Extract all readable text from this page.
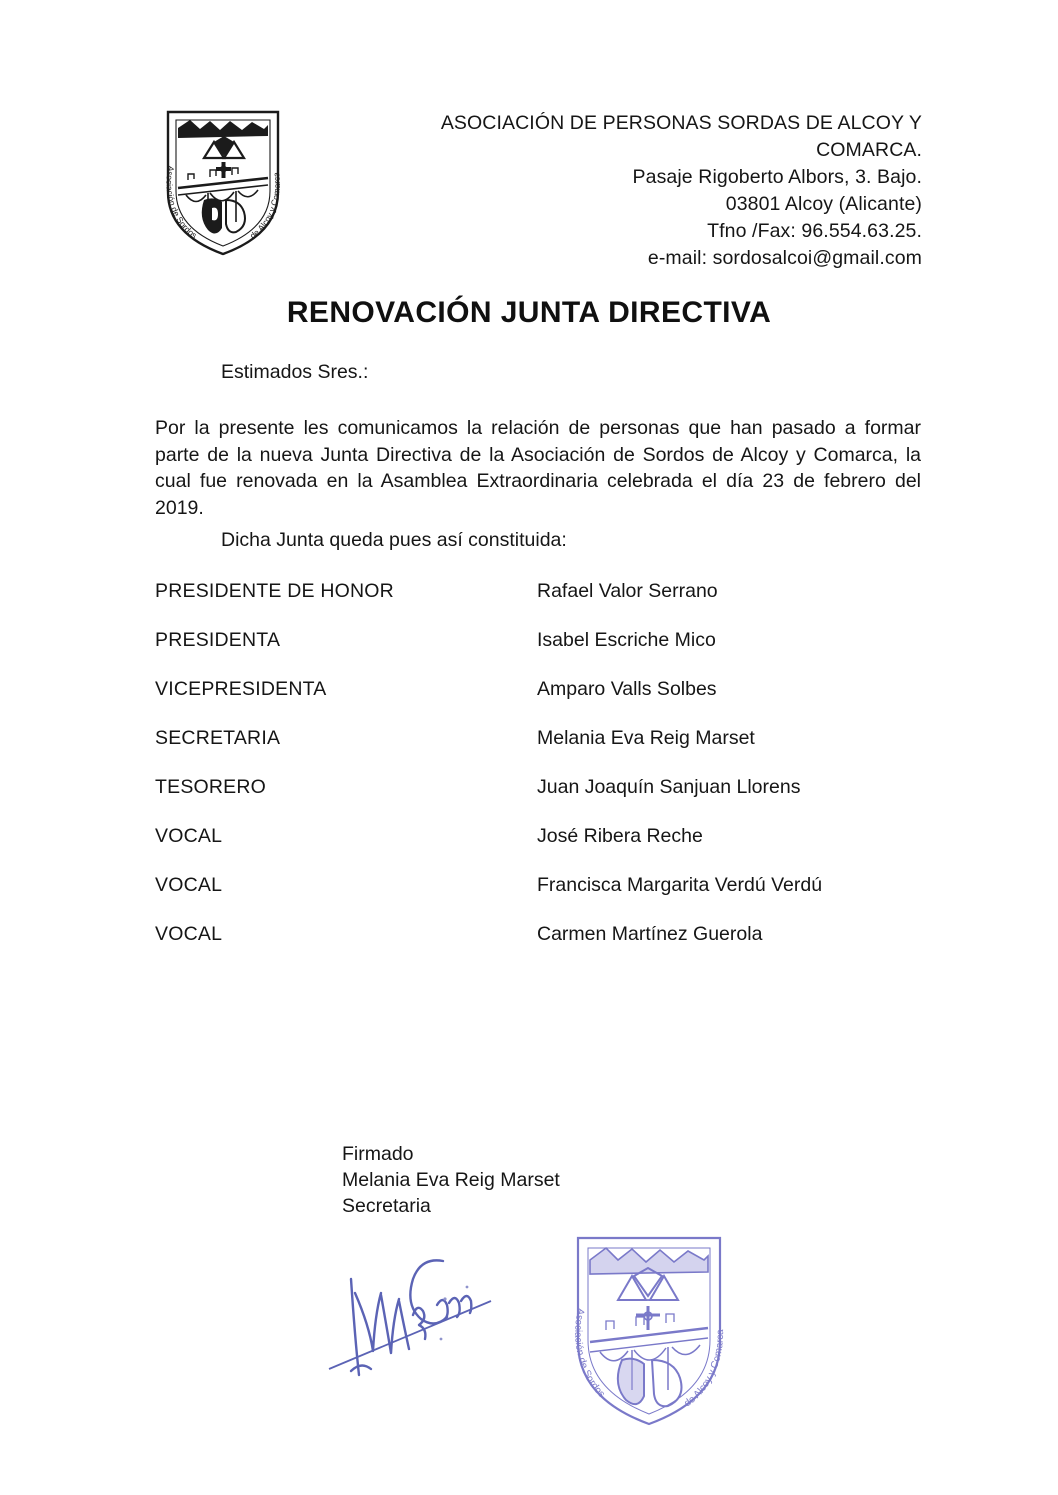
Asociación de Sordos	de Alcoy y Comarca
ASOCIACIÓN DE PERSONAS SORDAS DE ALCOY Y COMARCA.
Pasaje Rigoberto Albors, 3. Bajo.
03801 Alcoy (Alicante)
Tfno /Fax: 96.554.63.25.
e-mail: sordosalcoi@gmail.com
RENOVACIÓN JUNTA DIRECTIVA
Estimados Sres.:
Por la presente les comunicamos la relación de personas que han pasado a formar parte de la nueva Junta Directiva de la Asociación de Sordos de Alcoy y Comarca, la cual fue renovada en la Asamblea Extraordinaria celebrada el día 23 de febrero del 2019.
Dicha Junta queda pues así constituida:
PRESIDENTE DE HONOR	Rafael Valor Serrano
PRESIDENTA	Isabel Escriche Mico
VICEPRESIDENTA	Amparo Valls Solbes
SECRETARIA	Melania Eva Reig Marset
TESORERO	Juan Joaquín Sanjuan Llorens
VOCAL	José Ribera Reche
VOCAL	Francisca Margarita Verdú Verdú
VOCAL	Carmen Martínez Guerola
Firmado
Melania Eva Reig Marset
Secretaria
Asociación de Sordos
de Alcoy y Comarca
